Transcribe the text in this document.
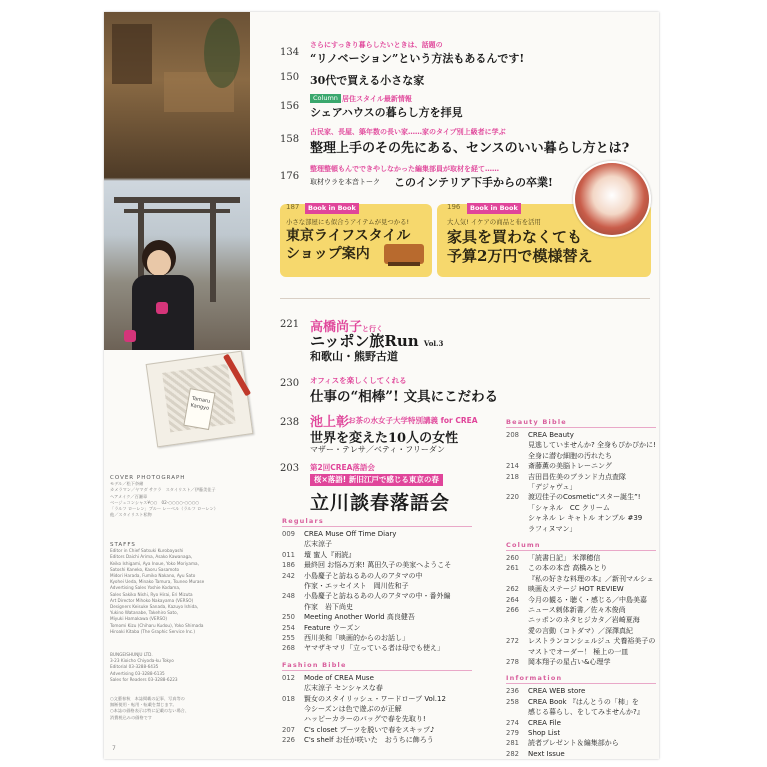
Tamaru Kangyo
COVER PHOTOGRAPH
モデル／松下奈緒
カメラマン／ヤマダ サクラ　スタイリスト／伊藤美佳子
ヘアメイク／百瀬章
ベージュコンシャス¥○○　02-○○○○-○○○○
「ラルフ ローレン」ブルー レーベル（ラルフ ローレン）
他／スタイリスト私物
STAFFS
Editor in Chief Satsuki Kurobayashi
Editors Daichi Arima, Asako Kawanaga,
Keiko Ishigami, Aya Inoue, Yoko Moriyama,
Satoshi Kaneko, Kaoru Sasamoto
Midori Harada, Fumiko Nakano, Ayu Sato
Kyohei Ueda, Minako Tamura, Tsuneo Murase
Advertising Sales Yoshie Kodama,
Sales Sakiko Nishi, Ryo Hirai, Eri Mizuta
Art Director Mihoko Nakayama (VERSO)
Designers Keisuke Sanada, Kazuyo Ishida,
Yukino Watanabe, Takehiro Sato,
Miyuki Hamakawa (VERSO)
Tomomi Kizu (Chiharu Kudou), Yoko Shimada
Hiroaki Kitaba (The Graphic Service Inc.)
BUNGEISHUNJU LTD.
3-23 Kioicho Chiyoda-ku Tokyo
Editorial 03-3288-6435
Advertising 03-3288-6135
Sales for Readers 03-3288-6223
○文藝春秋　本誌掲載の記事、写真等の
無断使用・転用・転載を禁じます。
○本誌の価格表示は特に記載のない場合、
消費税込みの価格です
7
134
さらにすっきり暮らしたいときは、話題の
“リノベーション”という方法もあるんです!
150 30代で買える小さな家
156
Column 居住スタイル最新情報
シェアハウスの暮らし方を拝見
158
古民家、長屋、築年数の長い家……家のタイプ別上級者に学ぶ
整理上手のその先にある、センスのいい暮らし方とは?
176
整理整頓もんでできやしなかった編集部員が取材を経て……
取材ウラを本音トーク このインテリア下手からの卒業!
187	Book in Book
小さな部屋にも似合うアイテムが見つかる!
東京ライフスタイル
ショップ案内
196	Book in Book
大人気! イケアの商品と布を活用
家具を買わなくても
予算2万円で模様替え
221 高橋尚子と行く
ニッポン旅Run Vol.3
和歌山・熊野古道
230 オフィスを楽しくしてくれる
仕事の“相棒”! 文具にこだわる
238 池上彰
お茶の水女子大学特別講義 for CREA
世界を変えた10人の女性
マザー・テレサ／ベティ・フリーダン
203 第2回CREA落語会
桜×落語! 新旧江戸で感じる東京の春
立川談春落語会
Regulars
009 CREA Muse Off Time Diary
広末涼子
011 壇 蜜人『雨読』
186 最終回 お悩み万来! 萬田久子の美家へようこそ
242 小島慶子と訪ねるあの人のアタマの中
作家・エッセイスト　岡川佐和子
248 小島慶子と訪ねるあの人のアタマの中・番外編
作家　岩下尚史
250 Meeting Another World 高良健吾
254 Feature ウーズン
255 西川美和「映画的からのお話し」
268 ヤマザキマリ「立っている者は母でも使え」
Fashion Bible
012 Mode of CREA Muse
広末涼子 センシャスな春
018 賢女のスタイリッシュ・ワードローブ Vol.12
今シーズンは色で遊ぶのが正解
ハッピーカラーのバッグで春を先取り!
207 C's closet ブーツを脱いで春をスキップ♪
226 C's shelf お任が咲いた　おうちに飾ろう
Beauty Bible
208 CREA Beauty
見逃していませんか? 全身もぴかぴかに!
全身に潜む細胞の汚れたち
214 斎藤薫の美脳トレーニング
218 吉田昌佐美のブランド力点査隊
「デジャヴュ」
220 渡辺佳子のCosmetic“スター誕生”!
「シャネル　CC クリーム
シャネル レ キャトル オンブル #39
ラフィヌマン」
Column
260 「読書日記」 米澤穂信
261 この本の本音 高橋みとり
『私の好きな料理の本』／新刊マルシェ
262 映画＆ステージ HOT REVIEW
264 今月の観る・聴く・感じる／中島美嘉
266 ニュース刺体新書／佐々木俊尚
ニッポンのネタヒジカタ／岩崎夏海
愛の言動（コトダマ）／深澤真紀
272 レストランコンシェルジュ 犬養裕美子の
マストでオーダー！ 極上の一皿
278 岡本翔子の星占い&心理学
Information
236 CREA WEB store
258 CREA Book 『はんとうの「柿」を
感じる暮らし、をしてみませんか?』
274 CREA File
279 Shop List
281 読者プレゼント＆編集部から
282 Next Issue
